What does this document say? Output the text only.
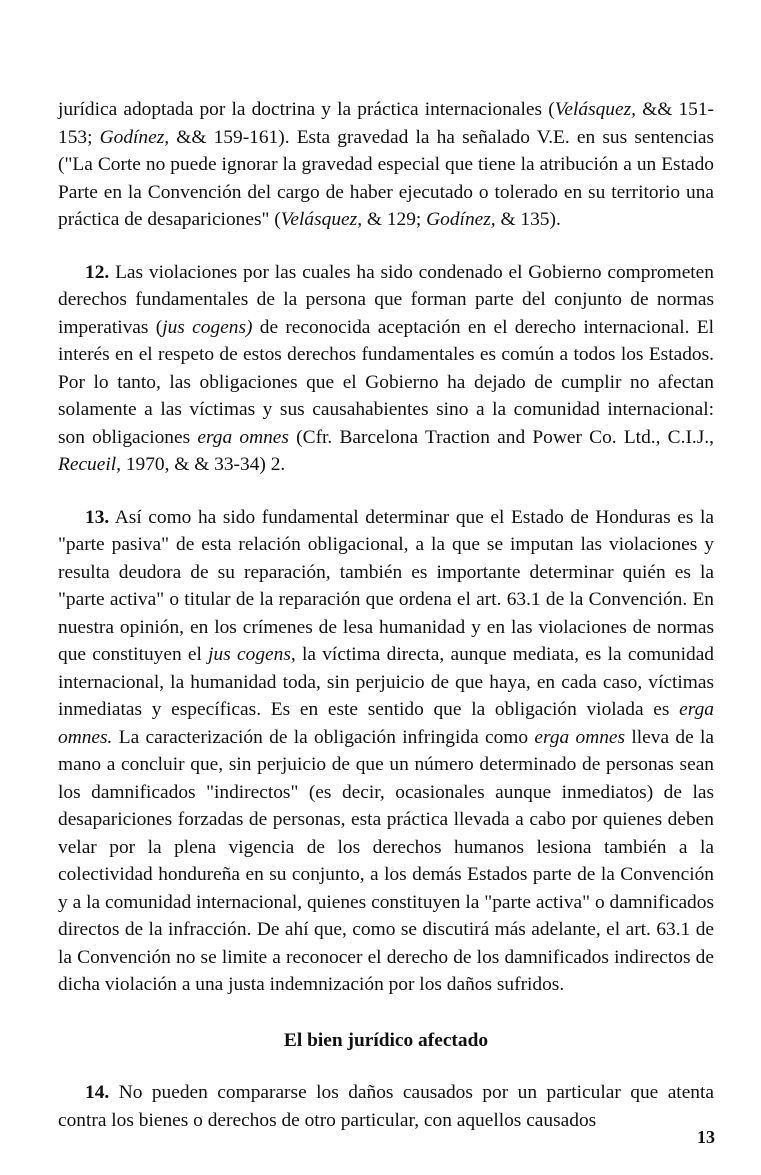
jurídica adoptada por la doctrina y la práctica internacionales (Velásquez, && 151-153; Godínez, && 159-161). Esta gravedad la ha señalado V.E. en sus sentencias ("La Corte no puede ignorar la gravedad especial que tiene la atribución a un Estado Parte en la Convención del cargo de haber ejecutado o tolerado en su territorio una práctica de desapariciones" (Velásquez, & 129; Godínez, & 135).

12. Las violaciones por las cuales ha sido condenado el Gobierno comprometen derechos fundamentales de la persona que forman parte del conjunto de normas imperativas (jus cogens) de reconocida aceptación en el derecho internacional. El interés en el respeto de estos derechos fundamentales es común a todos los Estados. Por lo tanto, las obligaciones que el Gobierno ha dejado de cumplir no afectan solamente a las víctimas y sus causahabientes sino a la comunidad internacional: son obligaciones erga omnes (Cfr. Barcelona Traction and Power Co. Ltd., C.I.J., Recueil, 1970, & & 33-34) 2.

13. Así como ha sido fundamental determinar que el Estado de Honduras es la "parte pasiva" de esta relación obligacional, a la que se imputan las violaciones y resulta deudora de su reparación, también es importante determinar quién es la "parte activa" o titular de la reparación que ordena el art. 63.1 de la Convención. En nuestra opinión, en los crímenes de lesa humanidad y en las violaciones de normas que constituyen el jus cogens, la víctima directa, aunque mediata, es la comunidad internacional, la humanidad toda, sin perjuicio de que haya, en cada caso, víctimas inmediatas y específicas. Es en este sentido que la obligación violada es erga omnes. La caracterización de la obligación infringida como erga omnes lleva de la mano a concluir que, sin perjuicio de que un número determinado de personas sean los damnificados "indirectos" (es decir, ocasionales aunque inmediatos) de las desapariciones forzadas de personas, esta práctica llevada a cabo por quienes deben velar por la plena vigencia de los derechos humanos lesiona también a la colectividad hondureña en su conjunto, a los demás Estados parte de la Convención y a la comunidad internacional, quienes constituyen la "parte activa" o damnificados directos de la infracción. De ahí que, como se discutirá más adelante, el art. 63.1 de la Convención no se limite a reconocer el derecho de los damnificados indirectos de dicha violación a una justa indemnización por los daños sufridos.

El bien jurídico afectado

14. No pueden compararse los daños causados por un particular que atenta contra los bienes o derechos de otro particular, con aquellos causados

13
